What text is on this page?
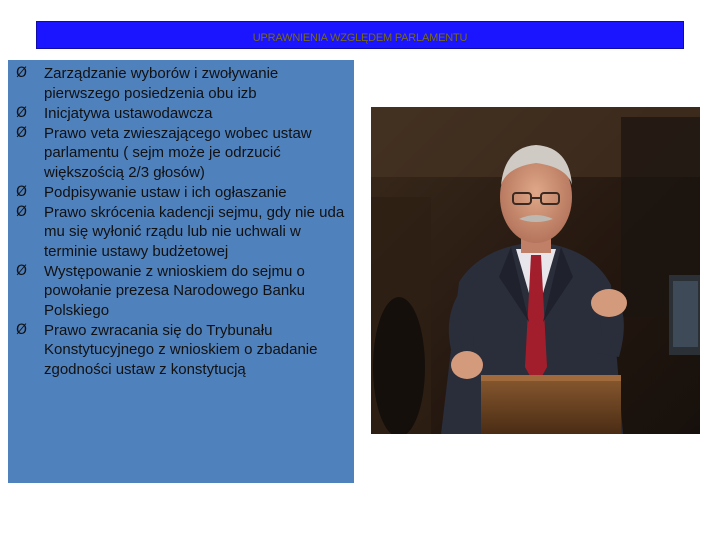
UPRAWNIENIA WZGLĘDEM PARLAMENTU
Ø	Zarządzanie wyborów i zwoływanie pierwszego posiedzenia obu izb
Ø	Inicjatywa ustawodawcza
Ø	Prawo veta zwieszającego wobec ustaw parlamentu ( sejm może je odrzucić większością 2/3 głosów)
Ø	Podpisywanie ustaw i ich ogłaszanie
Ø	Prawo skrócenia kadencji sejmu, gdy nie uda mu się wyłonić rządu lub nie uchwali w terminie ustawy budżetowej
Ø	Występowanie z wnioskiem do sejmu o powołanie prezesa Narodowego Banku Polskiego
Ø	Prawo zwracania się do Trybunału Konstytucyjnego z wnioskiem o zbadanie zgodności ustaw z konstytucją
